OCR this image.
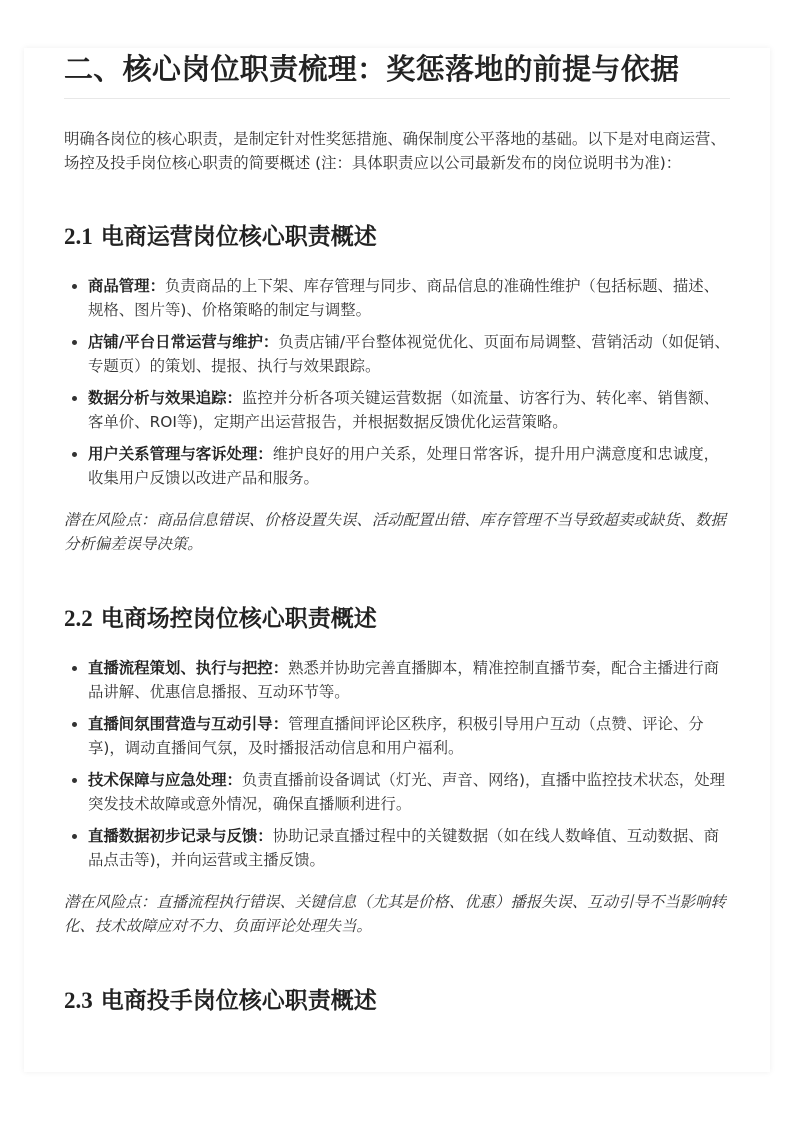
二、核心岗位职责梳理：奖惩落地的前提与依据

明确各岗位的核心职责，是制定针对性奖惩措施、确保制度公平落地的基础。以下是对电商运营、场控及投手岗位核心职责的简要概述 (注：具体职责应以公司最新发布的岗位说明书为准)：

2.1 电商运营岗位核心职责概述
商品管理：负责商品的上下架、库存管理与同步、商品信息的准确性维护（包括标题、描述、规格、图片等)、价格策略的制定与调整。
店铺/平台日常运营与维护：负责店铺/平台整体视觉优化、页面布局调整、营销活动（如促销、专题页）的策划、提报、执行与效果跟踪。
数据分析与效果追踪：监控并分析各项关键运营数据（如流量、访客行为、转化率、销售额、客单价、ROI等)，定期产出运营报告，并根据数据反馈优化运营策略。
用户关系管理与客诉处理：维护良好的用户关系，处理日常客诉，提升用户满意度和忠诚度，收集用户反馈以改进产品和服务。

潜在风险点：商品信息错误、价格设置失误、活动配置出错、库存管理不当导致超卖或缺货、数据分析偏差误导决策。

2.2 电商场控岗位核心职责概述
直播流程策划、执行与把控：熟悉并协助完善直播脚本，精准控制直播节奏，配合主播进行商品讲解、优惠信息播报、互动环节等。
直播间氛围营造与互动引导：管理直播间评论区秩序，积极引导用户互动（点赞、评论、分享)，调动直播间气氛，及时播报活动信息和用户福利。
技术保障与应急处理：负责直播前设备调试（灯光、声音、网络)，直播中监控技术状态，处理突发技术故障或意外情况，确保直播顺利进行。
直播数据初步记录与反馈：协助记录直播过程中的关键数据（如在线人数峰值、互动数据、商品点击等)，并向运营或主播反馈。

潜在风险点：直播流程执行错误、关键信息（尤其是价格、优惠）播报失误、互动引导不当影响转化、技术故障应对不力、负面评论处理失当。

2.3 电商投手岗位核心职责概述
